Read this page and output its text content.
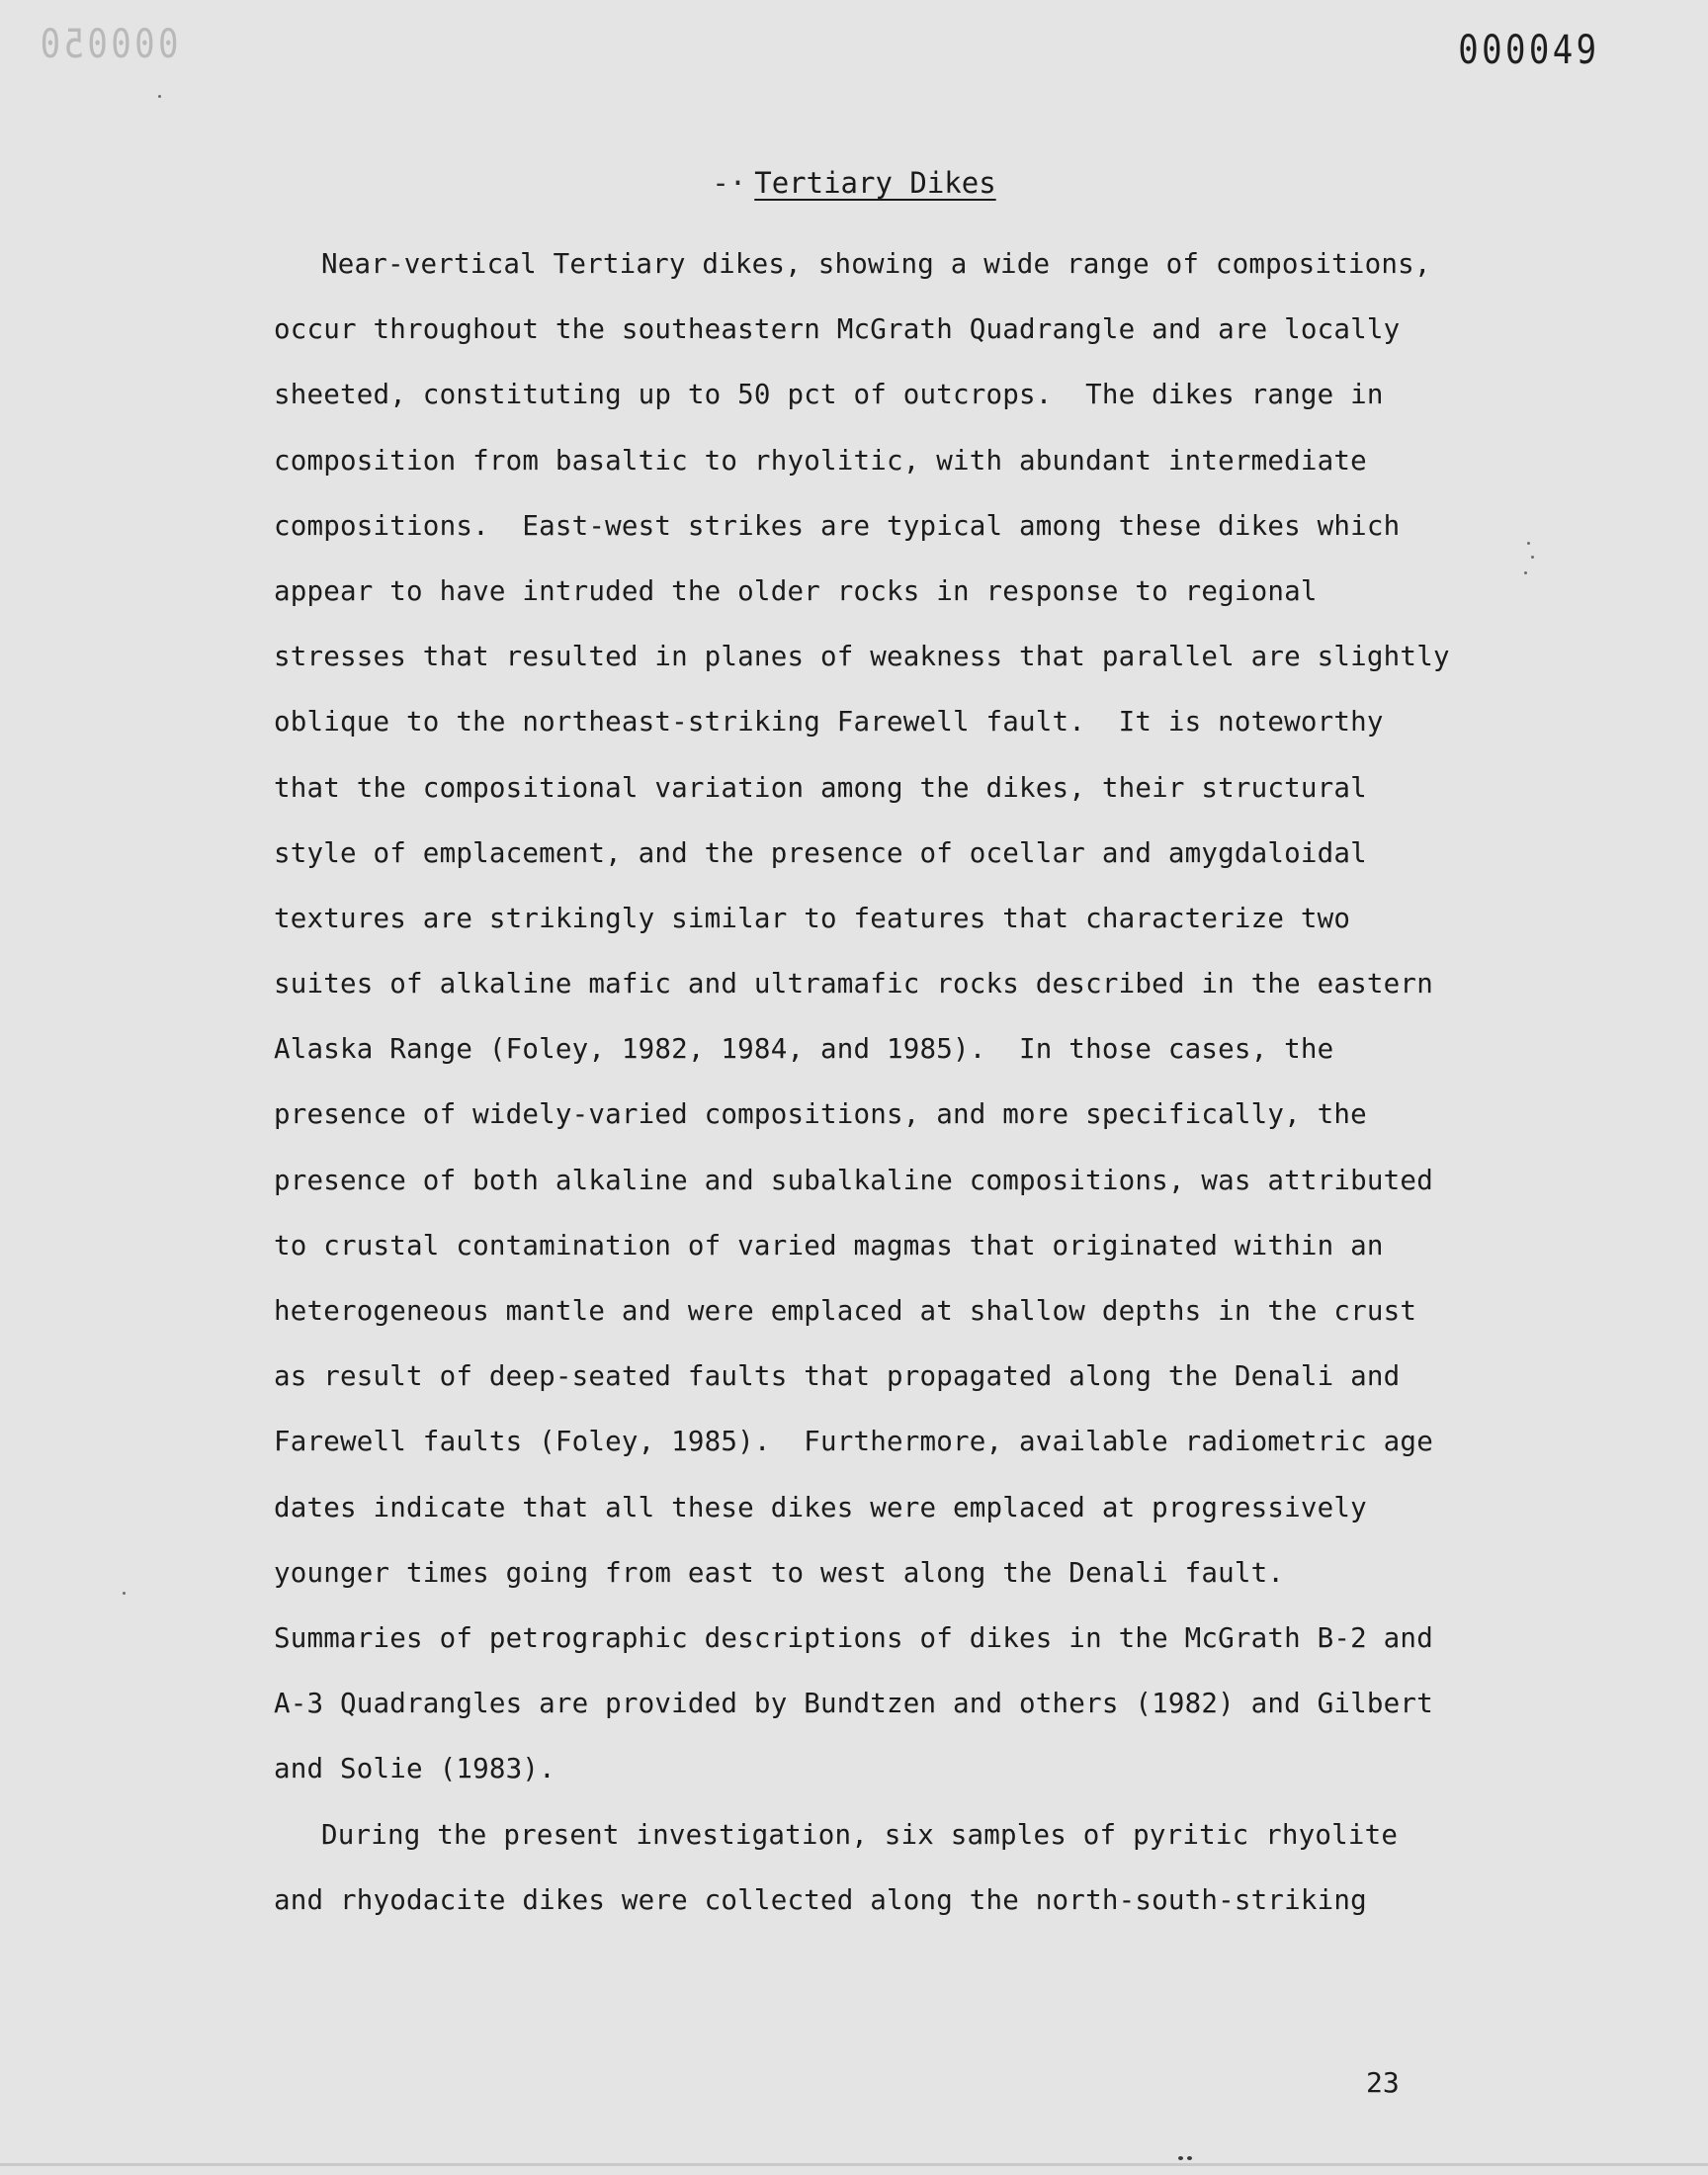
000050	000049
-· Tertiary Dikes
Near-vertical Tertiary dikes, showing a wide range of compositions,
occur throughout the southeastern McGrath Quadrangle and are locally
sheeted, constituting up to 50 pct of outcrops.  The dikes range in
composition from basaltic to rhyolitic, with abundant intermediate
compositions.  East-west strikes are typical among these dikes which
appear to have intruded the older rocks in response to regional
stresses that resulted in planes of weakness that parallel are slightly
oblique to the northeast-striking Farewell fault.  It is noteworthy
that the compositional variation among the dikes, their structural
style of emplacement, and the presence of ocellar and amygdaloidal
textures are strikingly similar to features that characterize two
suites of alkaline mafic and ultramafic rocks described in the eastern
Alaska Range (Foley, 1982, 1984, and 1985).  In those cases, the
presence of widely-varied compositions, and more specifically, the
presence of both alkaline and subalkaline compositions, was attributed
to crustal contamination of varied magmas that originated within an
heterogeneous mantle and were emplaced at shallow depths in the crust
as result of deep-seated faults that propagated along the Denali and
Farewell faults (Foley, 1985).  Furthermore, available radiometric age
dates indicate that all these dikes were emplaced at progressively
younger times going from east to west along the Denali fault.
Summaries of petrographic descriptions of dikes in the McGrath B-2 and
A-3 Quadrangles are provided by Bundtzen and others (1982) and Gilbert
and Solie (1983).
During the present investigation, six samples of pyritic rhyolite
and rhyodacite dikes were collected along the north-south-striking
23
